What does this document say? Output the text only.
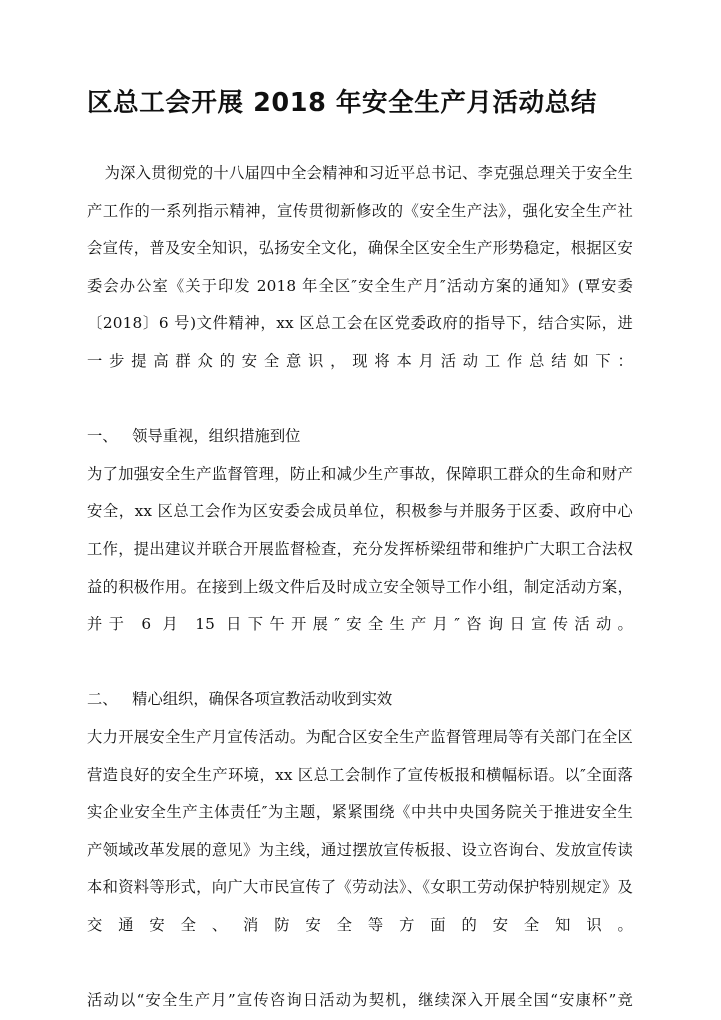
区总工会开展 2018 年安全生产月活动总结

为深入贯彻党的十八届四中全会精神和习近平总书记、李克强总理关于安全生产工作的一系列指示精神，宣传贯彻新修改的《安全生产法》，强化安全生产社会宣传，普及安全知识，弘扬安全文化，确保全区安全生产形势稳定，根据区安委会办公室《关于印发 2018 年全区″安全生产月″活动方案的通知》(覃安委〔2018〕6 号)文件精神，xx 区总工会在区党委政府的指导下，结合实际，进一步提高群众的安全意识，现将本月活动工作总结如下：

一、 领导重视，组织措施到位

为了加强安全生产监督管理，防止和减少生产事故，保障职工群众的生命和财产安全，xx 区总工会作为区安委会成员单位，积极参与并服务于区委、政府中心工作，提出建议并联合开展监督检查，充分发挥桥梁纽带和维护广大职工合法权益的积极作用。在接到上级文件后及时成立安全领导工作小组，制定活动方案，并于 6 月 15 日下午开展″安全生产月″咨询日宣传活动。

二、 精心组织，确保各项宣教活动收到实效

大力开展安全生产月宣传活动。为配合区安全生产监督管理局等有关部门在全区营造良好的安全生产环境，xx 区总工会制作了宣传板报和横幅标语。以″全面落实企业安全生产主体责任″为主题，紧紧围绕《中共中央国务院关于推进安全生产领域改革发展的意见》为主线，通过摆放宣传板报、设立咨询台、发放宣传读本和资料等形式，向广大市民宣传了《劳动法》、《女职工劳动保护特别规定》及交通安全、消防安全等方面的安全知识。

活动以“安全生产月”宣传咨询日活动为契机，继续深入开展全国“安康杯”竞
